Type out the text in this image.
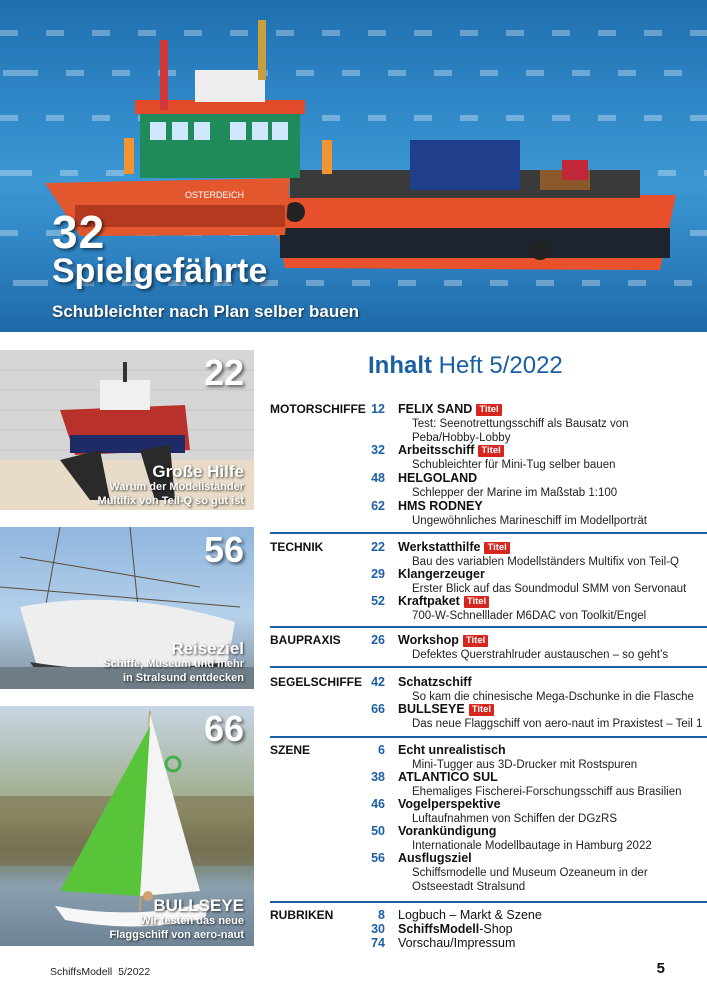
OSTERDEICH
32
Spielgefährte
Schubleichter nach Plan selber bauen
22
Große Hilfe
Warum der Modellständer
Multifix von Teil-Q so gut ist
56
Reiseziel
Schiffe, Museum und mehr
in Stralsund entdecken
66
BULLSEYE
Wir testen das neue
Flaggschiff von aero-naut
Inhalt Heft 5/2022
MOTORSCHIFFE 12 FELIX SAND Titel
Test: Seenotrettungsschiff als Bausatz von
Peba/Hobby-Lobby
32 Arbeitsschiff Titel
Schubleichter für Mini-Tug selber bauen
48 HELGOLAND
Schlepper der Marine im Maßstab 1:100
62 HMS RODNEY
Ungewöhnliches Marineschiff im Modellporträt
TECHNIK	22 Werkstatthilfe Titel
Bau des variablen Modellständers Multifix von Teil-Q
29 Klangerzeuger
Erster Blick auf das Soundmodul SMM von Servonaut
52 Kraftpaket Titel
700-W-Schnelllader M6DAC von Toolkit/Engel
BAUPRAXIS	26 Workshop Titel
Defektes Querstrahlruder austauschen – so geht’s
SEGELSCHIFFE 42 Schatzschiff
So kam die chinesische Mega-Dschunke in die Flasche
66 BULLSEYE Titel
Das neue Flaggschiff von aero-naut im Praxistest – Teil 1
SZENE	6 Echt unrealistisch
Mini-Tugger aus 3D-Drucker mit Rostspuren
38 ATLANTICO SUL
Ehemaliges Fischerei-Forschungsschiff aus Brasilien
46 Vogelperspektive
Luftaufnahmen von Schiffen der DGzRS
50 Vorankündigung
Internationale Modellbautage in Hamburg 2022
56 Ausflugsziel
Schiffsmodelle und Museum Ozeaneum in der
Ostseestadt Stralsund
RUBRIKEN	8 Logbuch – Markt & Szene
30 SchiffsModell-Shop
74 Vorschau/Impressum
SchiffsModell 5/2022	5
